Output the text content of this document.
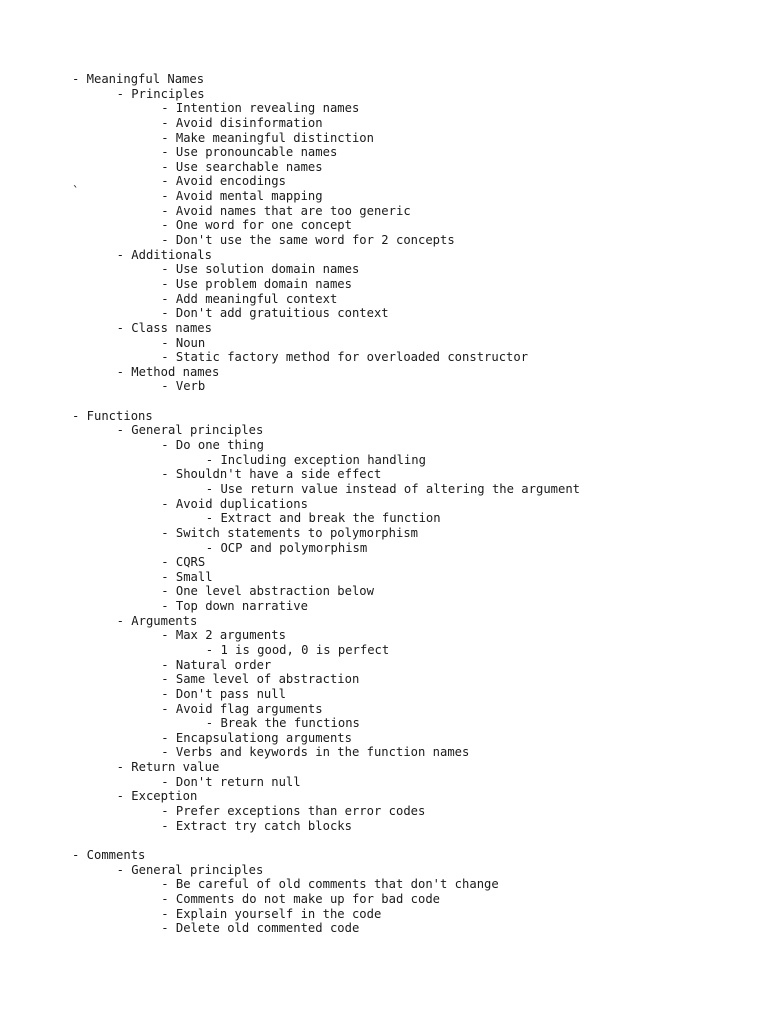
- Meaningful Names
- Principles
- Intention revealing names
- Avoid disinformation
- Make meaningful distinction
- Use pronouncable names
- Use searchable names
- Avoid encodings
- Avoid mental mapping
- Avoid names that are too generic
- One word for one concept
- Don't use the same word for 2 concepts
- Additionals
- Use solution domain names
- Use problem domain names
- Add meaningful context
- Don't add gratuitious context
- Class names
- Noun
- Static factory method for overloaded constructor
- Method names
- Verb
- Functions
- General principles
- Do one thing
- Including exception handling
- Shouldn't have a side effect
- Use return value instead of altering the argument
- Avoid duplications
- Extract and break the function
- Switch statements to polymorphism
- OCP and polymorphism
- CQRS
- Small
- One level abstraction below
- Top down narrative
- Arguments
- Max 2 arguments
- 1 is good, 0 is perfect
- Natural order
- Same level of abstraction
- Don't pass null
- Avoid flag arguments
- Break the functions
- Encapsulationg arguments
- Verbs and keywords in the function names
- Return value
- Don't return null
- Exception
- Prefer exceptions than error codes
- Extract try catch blocks
- Comments
- General principles
- Be careful of old comments that don't change
- Comments do not make up for bad code
- Explain yourself in the code
- Delete old commented code
`
